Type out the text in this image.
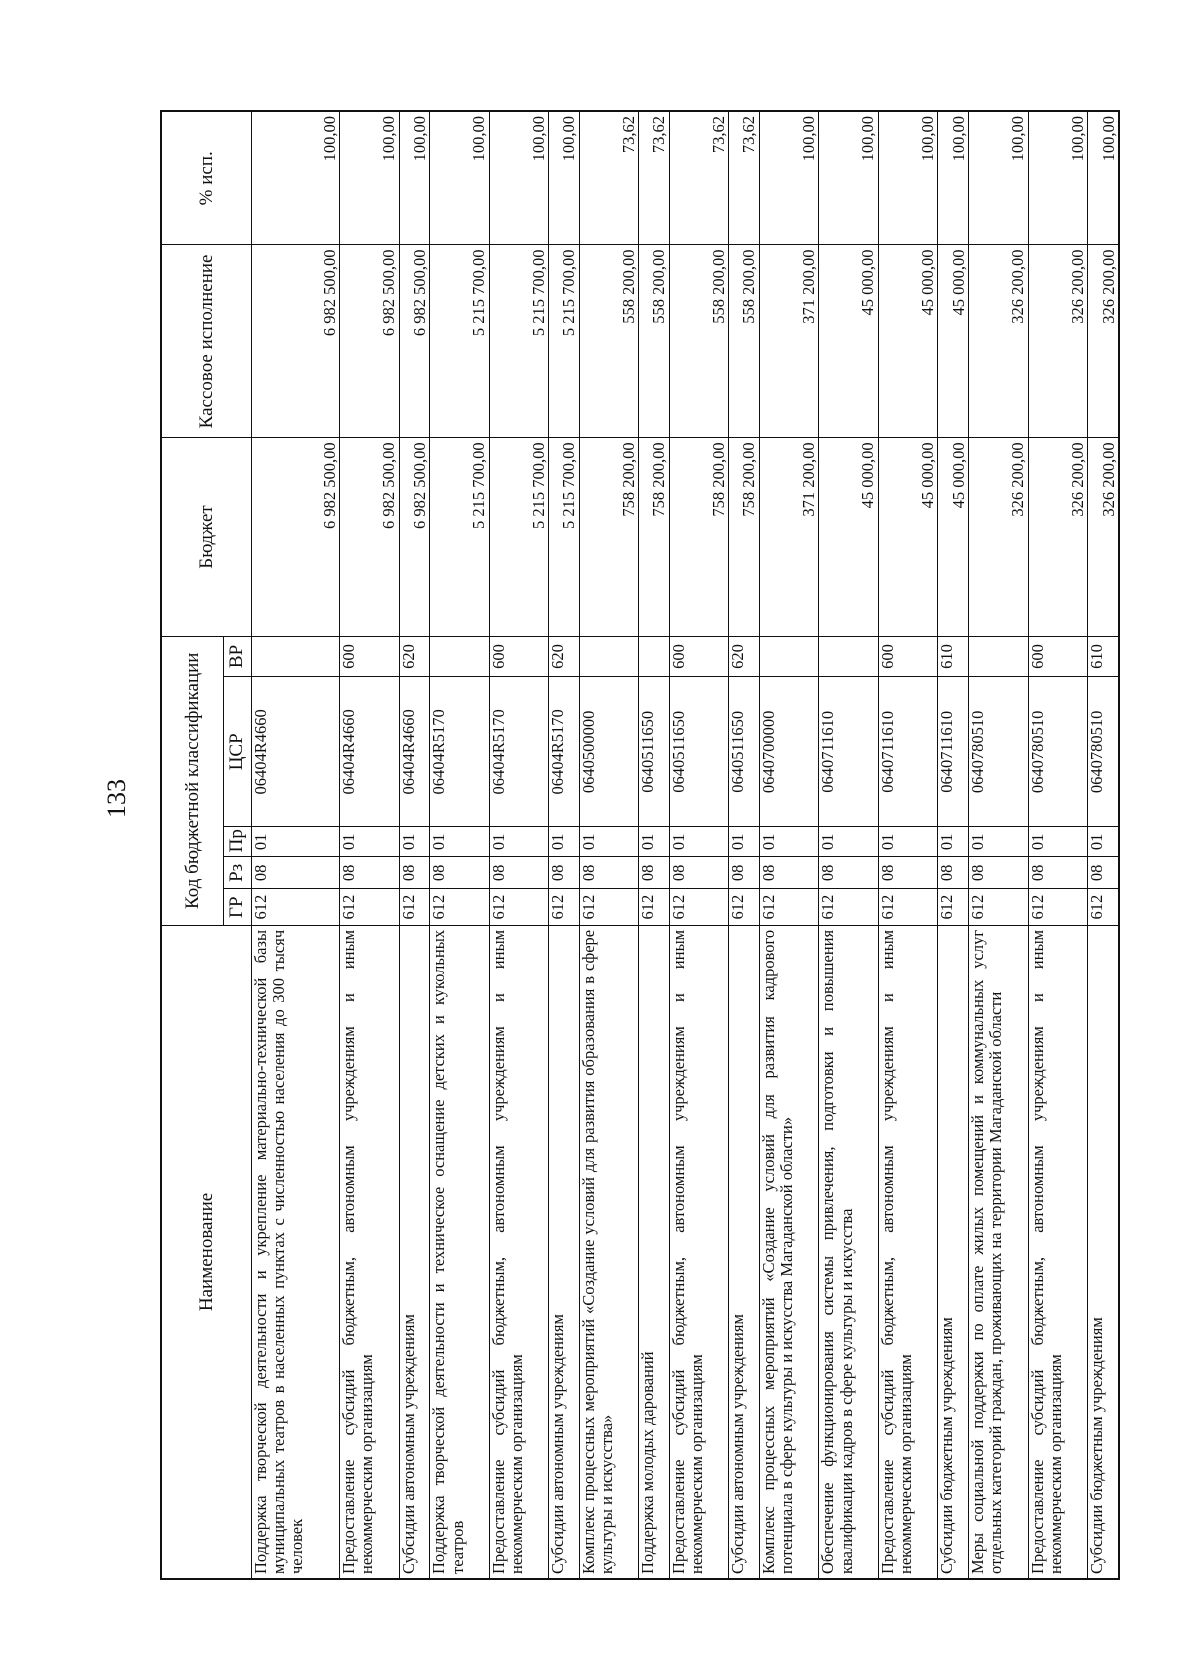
133
Наименование	Код бюджетной классификации					Бюджет	Кассовое исполнение	% исп.
	ГР	Рз	Пр	ЦСР	ВР			
Поддержка творческой деятельности и укрепление материально-технической базы муниципальных театров в населенных пунктах с численностью населения до 300 тысяч человек	612	08	01	06404R4660		6 982 500,00	6 982 500,00	100,00
Предоставление субсидий бюджетным, автономным учреждениям и иным некоммерческим организациям	612	08	01	06404R4660	600	6 982 500,00	6 982 500,00	100,00
Субсидии автономным учреждениям	612	08	01	06404R4660	620	6 982 500,00	6 982 500,00	100,00
Поддержка творческой деятельности и техническое оснащение детских и кукольных театров	612	08	01	06404R5170		5 215 700,00	5 215 700,00	100,00
Предоставление субсидий бюджетным, автономным учреждениям и иным некоммерческим организациям	612	08	01	06404R5170	600	5 215 700,00	5 215 700,00	100,00
Субсидии автономным учреждениям	612	08	01	06404R5170	620	5 215 700,00	5 215 700,00	100,00
Комплекс процессных мероприятий «Создание условий для развития образования в сфере культуры и искусства»	612	08	01	0640500000		758 200,00	558 200,00	73,62
Поддержка молодых дарований	612	08	01	0640511650		758 200,00	558 200,00	73,62
Предоставление субсидий бюджетным, автономным учреждениям и иным некоммерческим организациям	612	08	01	0640511650	600	758 200,00	558 200,00	73,62
Субсидии автономным учреждениям	612	08	01	0640511650	620	758 200,00	558 200,00	73,62
Комплекс процессных мероприятий «Создание условий для развития кадрового потенциала в сфере культуры и искусства Магаданской области»	612	08	01	0640700000		371 200,00	371 200,00	100,00
Обеспечение функционирования системы привлечения, подготовки и повышения квалификации кадров в сфере культуры и искусства	612	08	01	0640711610		45 000,00	45 000,00	100,00
Предоставление субсидий бюджетным, автономным учреждениям и иным некоммерческим организациям	612	08	01	0640711610	600	45 000,00	45 000,00	100,00
Субсидии бюджетным учреждениям	612	08	01	0640711610	610	45 000,00	45 000,00	100,00
Меры социальной поддержки по оплате жилых помещений и коммунальных услуг отдельных категорий граждан, проживающих на территории Магаданской области	612	08	01	0640780510		326 200,00	326 200,00	100,00
Предоставление субсидий бюджетным, автономным учреждениям и иным некоммерческим организациям	612	08	01	0640780510	600	326 200,00	326 200,00	100,00
Субсидии бюджетным учреждениям	612	08	01	0640780510	610	326 200,00	326 200,00	100,00
